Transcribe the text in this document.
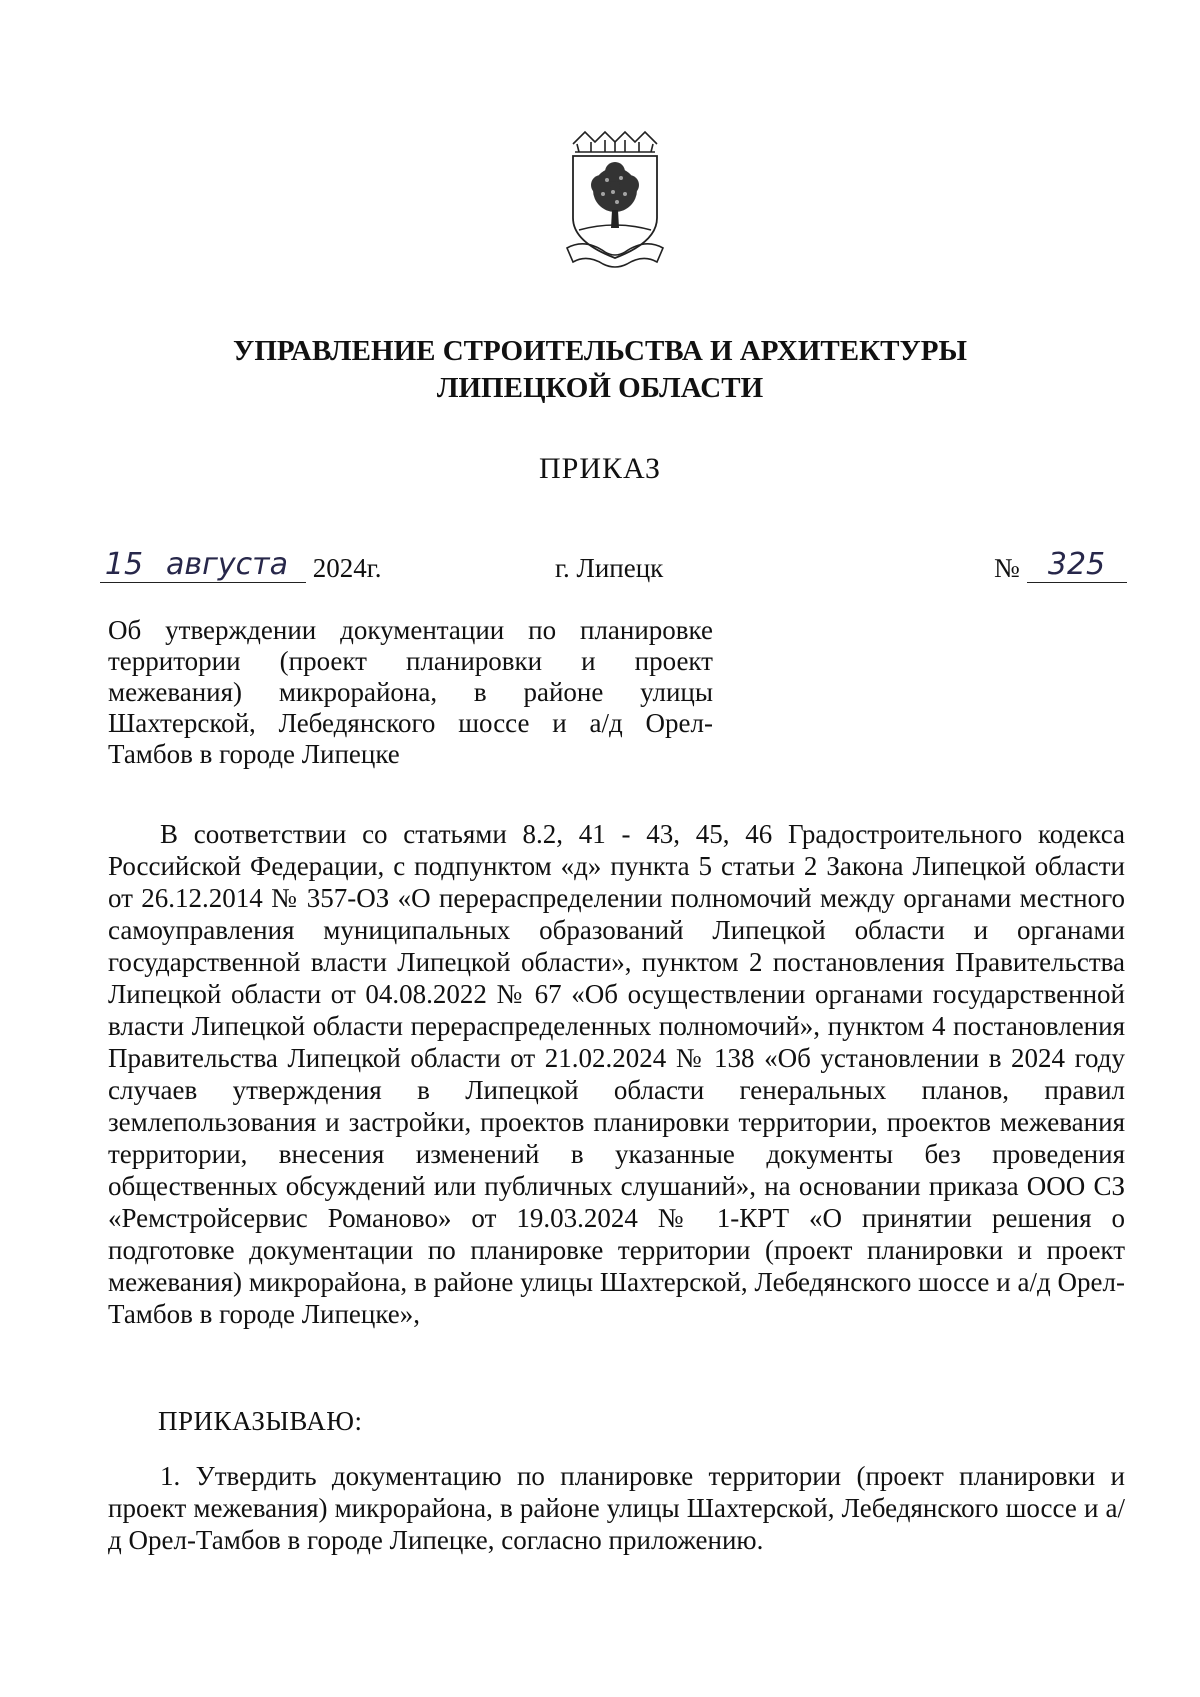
УПРАВЛЕНИЕ СТРОИТЕЛЬСТВА И АРХИТЕКТУРЫ
ЛИПЕЦКОЙ ОБЛАСТИ
ПРИКАЗ
15 августа 2024г.	г. Липецк	№ 325
Об утверждении документации по планировке территории (проект планировки и проект межевания) микрорайона, в районе улицы Шахтерской, Лебедянского шоссе и а/д Орел-Тамбов в городе Липецке
В соответствии со статьями 8.2, 41 - 43, 45, 46 Градостроительного кодекса Российской Федерации, с подпунктом «д» пункта 5 статьи 2 Закона Липецкой области от 26.12.2014 № 357-ОЗ «О перераспределении полномочий между органами местного самоуправления муниципальных образований Липецкой области и органами государственной власти Липецкой области», пунктом 2 постановления Правительства Липецкой области от 04.08.2022 № 67 «Об осуществлении органами государственной власти Липецкой области перераспределенных полномочий», пунктом 4 постановления Правительства Липецкой области от 21.02.2024 № 138 «Об установлении в 2024 году случаев утверждения в Липецкой области генеральных планов, правил землепользования и застройки, проектов планировки территории, проектов межевания территории, внесения изменений в указанные документы без проведения общественных обсуждений или публичных слушаний», на основании приказа ООО СЗ «Ремстройсервис Романово» от 19.03.2024 № 1-КРТ «О принятии решения о подготовке документации по планировке территории (проект планировки и проект межевания) микрорайона, в районе улицы Шахтерской, Лебедянского шоссе и а/д Орел-Тамбов в городе Липецке»,
ПРИКАЗЫВАЮ:
1. Утвердить документацию по планировке территории (проект планировки и проект межевания) микрорайона, в районе улицы Шахтерской, Лебедянского шоссе и а/д Орел-Тамбов в городе Липецке, согласно приложению.
